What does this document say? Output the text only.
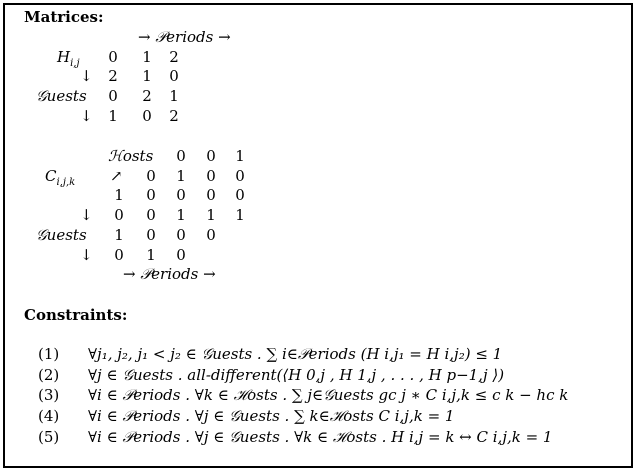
Matrices:
→ 𝒫eriods →
$H_{i,j}$
↓
𝒢uests
↓
0 1 2
2 1 0
0 2 1
1 0 2
ℋosts 0 0 1
$C_{i,j,k}$ ↗ 0 1 0 0
1 0 0 0 0
↓ 0 0 1 1 1
𝒢uests 1 0 0 0
↓ 0 1 0
→ 𝒫eriods →
Constraints:
(1) ∀j₁, j₂, j₁ < j₂ ∈ 𝒢uests . ∑ i∈𝒫eriods (H i,j₁ = H i,j₂) ≤ 1
(2) ∀j ∈ 𝒢uests . all-different(⟨H 0,j , H 1,j , . . . , H p−1,j ⟩)
(3) ∀i ∈ 𝒫eriods . ∀k ∈ ℋosts . ∑ j∈𝒢uests gc j ∗ C i,j,k ≤ c k − hc k
(4) ∀i ∈ 𝒫eriods . ∀j ∈ 𝒢uests . ∑ k∈ℋosts C i,j,k = 1
(5) ∀i ∈ 𝒫eriods . ∀j ∈ 𝒢uests . ∀k ∈ ℋosts . H i,j = k ↔ C i,j,k = 1
